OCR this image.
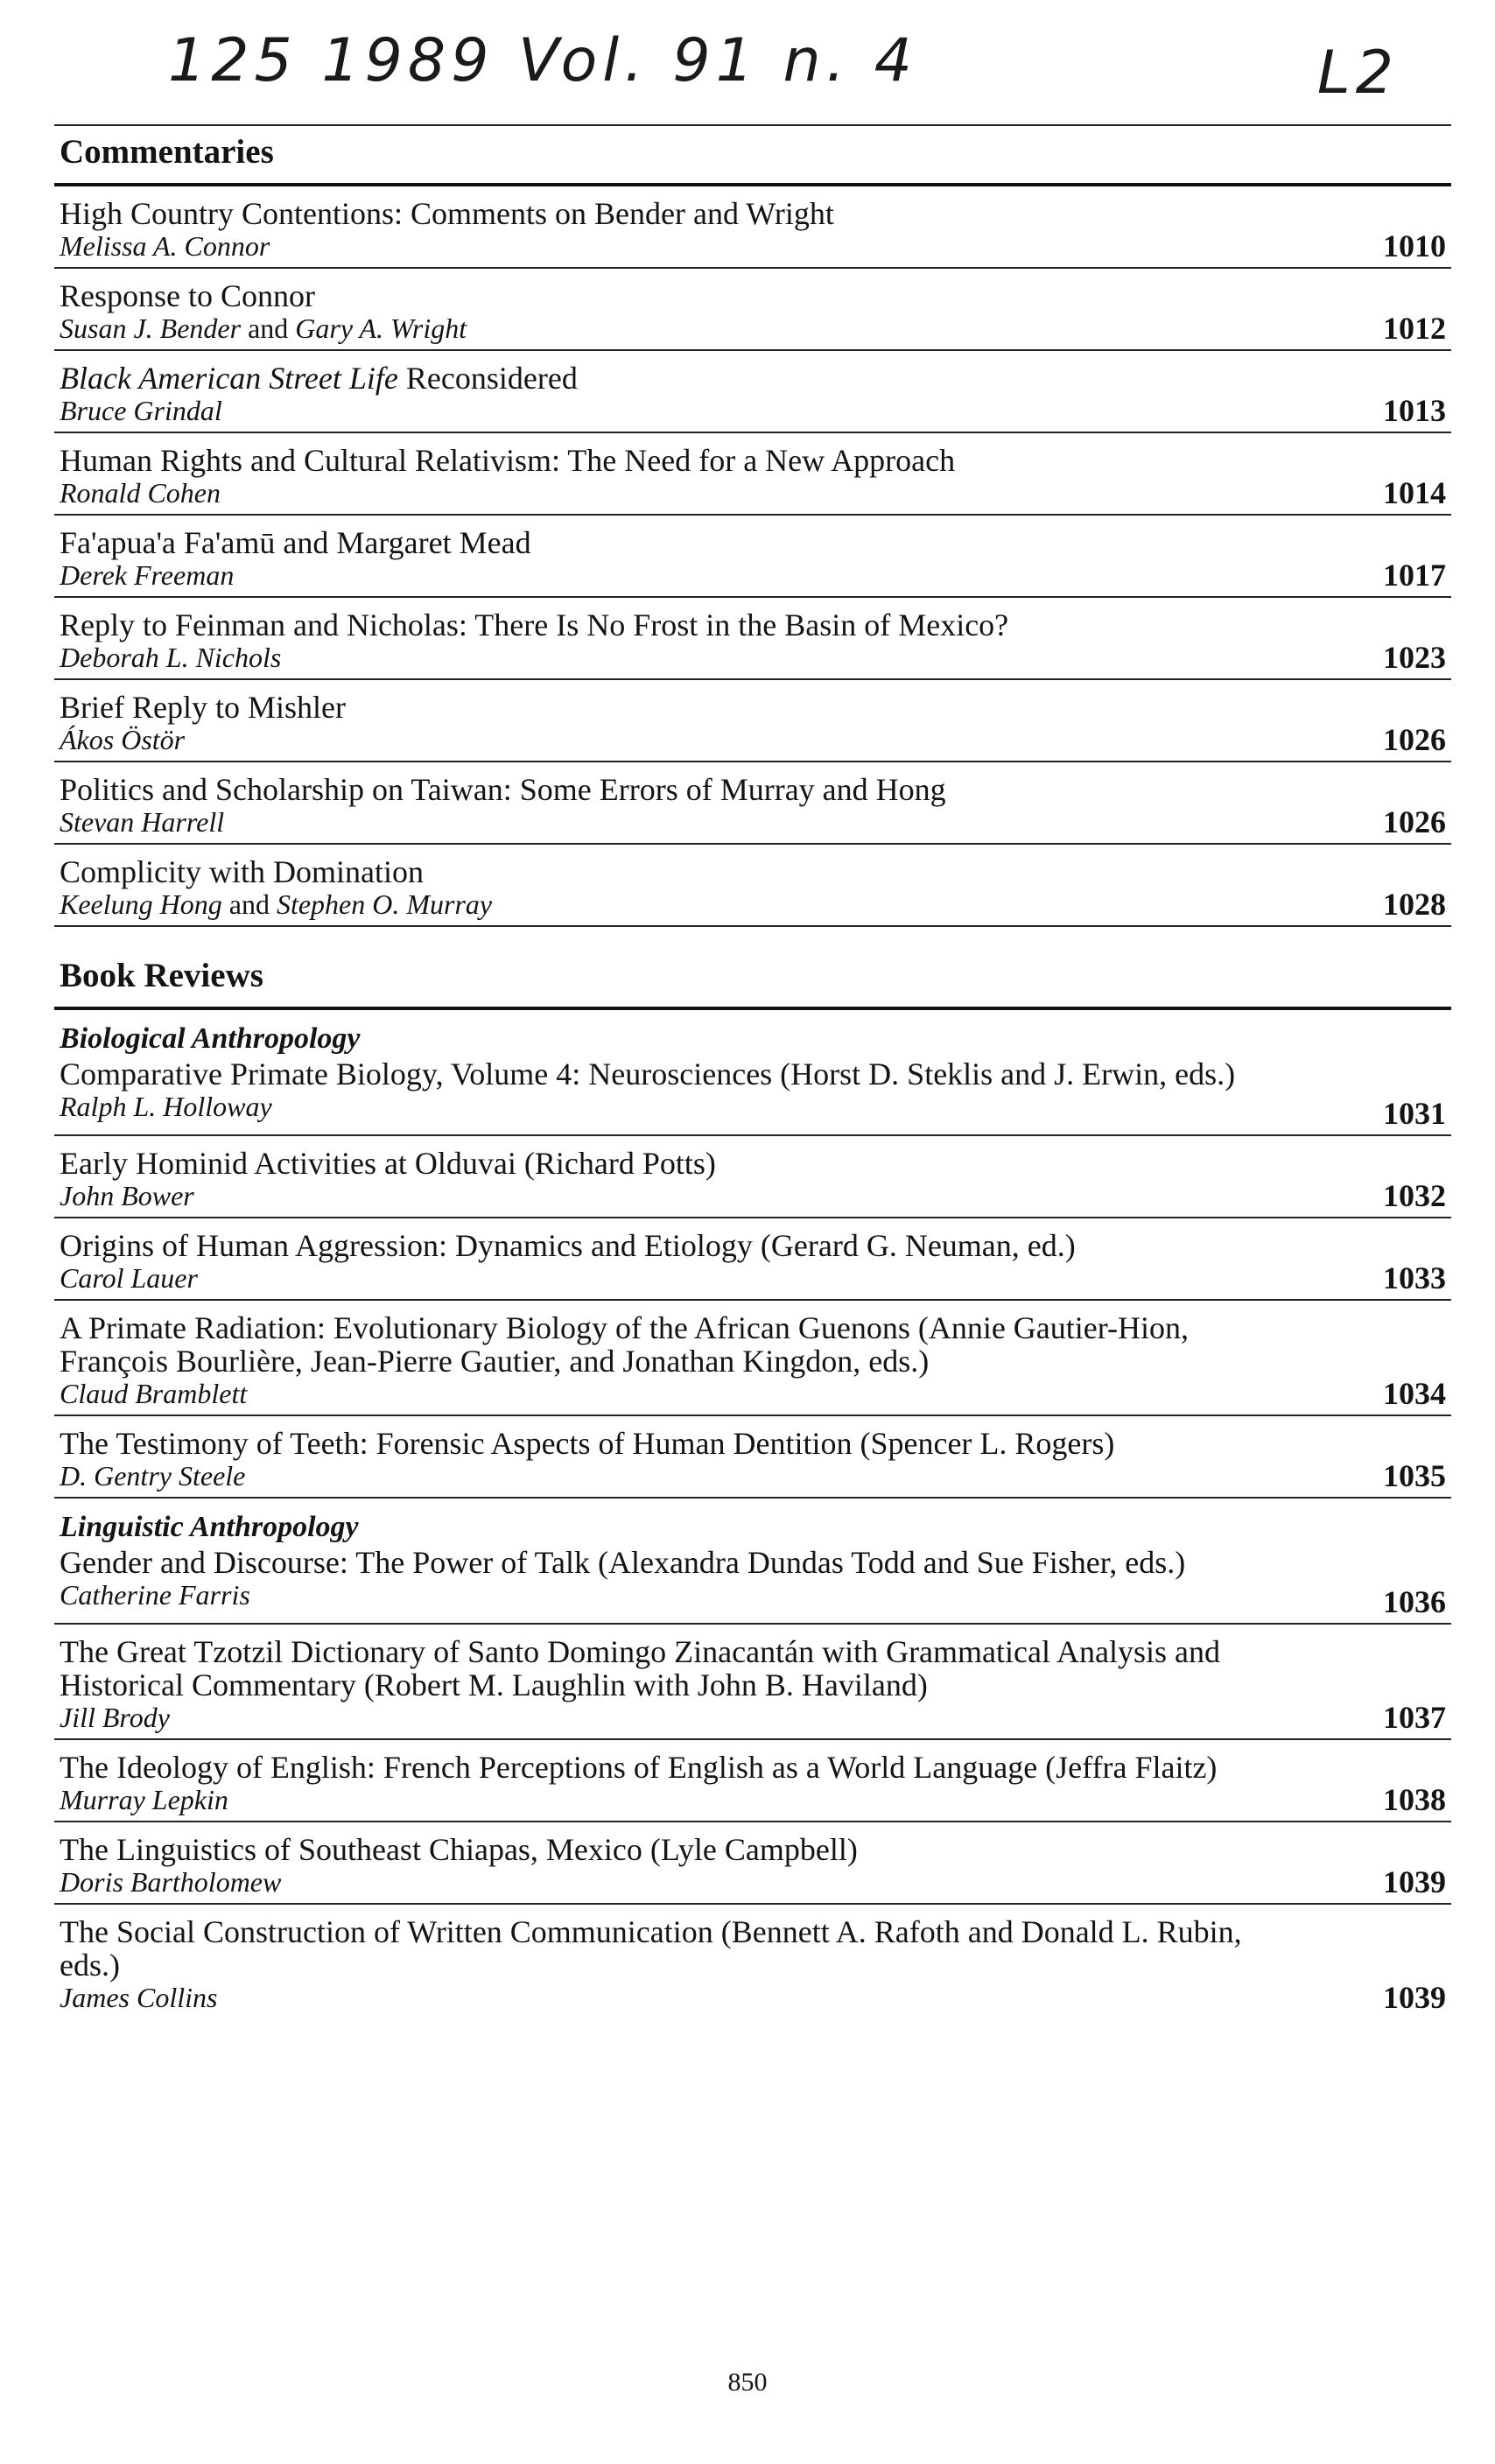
125 1989 Vol. 91 n. 4	L2
Commentaries
High Country Contentions: Comments on Bender and Wright
Melissa A. Connor	1010
Response to Connor
Susan J. Bender and Gary A. Wright	1012
Black American Street Life Reconsidered
Bruce Grindal	1013
Human Rights and Cultural Relativism: The Need for a New Approach
Ronald Cohen	1014
Fa'apua'a Fa'amū and Margaret Mead
Derek Freeman	1017
Reply to Feinman and Nicholas: There Is No Frost in the Basin of Mexico?
Deborah L. Nichols	1023
Brief Reply to Mishler
Ákos Östör	1026
Politics and Scholarship on Taiwan: Some Errors of Murray and Hong
Stevan Harrell	1026
Complicity with Domination
Keelung Hong and Stephen O. Murray	1028
Book Reviews
Biological Anthropology
Comparative Primate Biology, Volume 4: Neurosciences (Horst D. Steklis and J. Erwin, eds.)
Ralph L. Holloway	1031
Early Hominid Activities at Olduvai (Richard Potts)
John Bower	1032
Origins of Human Aggression: Dynamics and Etiology (Gerard G. Neuman, ed.)
Carol Lauer	1033
A Primate Radiation: Evolutionary Biology of the African Guenons (Annie Gautier-Hion, François Bourlière, Jean-Pierre Gautier, and Jonathan Kingdon, eds.)
Claud Bramblett	1034
The Testimony of Teeth: Forensic Aspects of Human Dentition (Spencer L. Rogers)
D. Gentry Steele	1035
Linguistic Anthropology
Gender and Discourse: The Power of Talk (Alexandra Dundas Todd and Sue Fisher, eds.)
Catherine Farris	1036
The Great Tzotzil Dictionary of Santo Domingo Zinacantán with Grammatical Analysis and Historical Commentary (Robert M. Laughlin with John B. Haviland)
Jill Brody	1037
The Ideology of English: French Perceptions of English as a World Language (Jeffra Flaitz)
Murray Lepkin	1038
The Linguistics of Southeast Chiapas, Mexico (Lyle Campbell)
Doris Bartholomew	1039
The Social Construction of Written Communication (Bennett A. Rafoth and Donald L. Rubin, eds.)
James Collins	1039
850
